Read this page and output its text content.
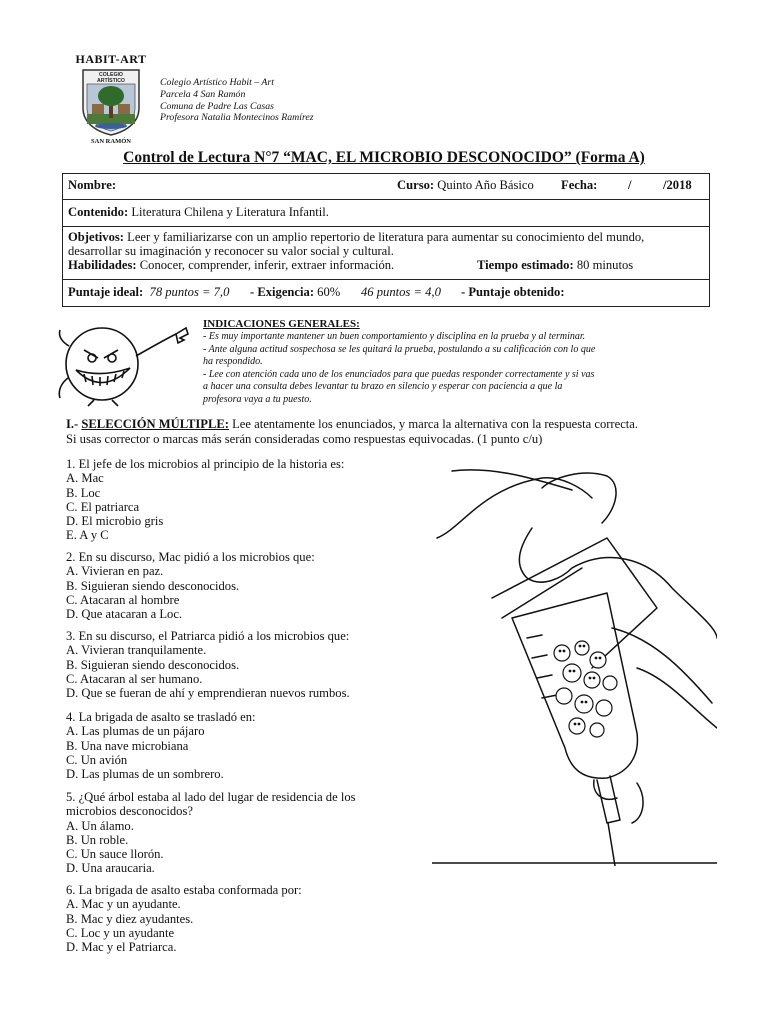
HABIT-ART
COLEGIO
ARTÍSTICO
SAN RAMÓN
Colegio Artístico Habit – Art
Parcela 4 San Ramón
Comuna de Padre Las Casas
Profesora Natalia Montecinos Ramírez
Control de Lectura N°7 “MAC, EL MICROBIO DESCONOCIDO” (Forma A)
Nombre:	Curso: Quinto Año Básico Fecha: /	/2018
Contenido: Literatura Chilena y Literatura Infantil.
Objetivos: Leer y familiarizarse con un amplio repertorio de literatura para aumentar su conocimiento del mundo,
desarrollar su imaginación y reconocer su valor social y cultural.
Habilidades: Conocer, comprender, inferir, extraer información.	Tiempo estimado: 80 minutos
Puntaje ideal: 78 puntos = 7,0 - Exigencia: 60% 46 puntos = 4,0 - Puntaje obtenido:
INDICACIONES GENERALES:
- Es muy importante mantener un buen comportamiento y disciplina en la prueba y al terminar.
- Ante alguna actitud sospechosa se les quitará la prueba, postulando a su calificación con lo que
ha respondido.
- Lee con atención cada uno de los enunciados para que puedas responder correctamente y si vas
a hacer una consulta debes levantar tu brazo en silencio y esperar con paciencia a que la
profesora vaya a tu puesto.
I.- SELECCIÓN MÚLTIPLE: Lee atentamente los enunciados, y marca la alternativa con la respuesta correcta.
Si usas corrector o marcas más serán consideradas como respuestas equivocadas. (1 punto c/u)
1. El jefe de los microbios al principio de la historia es:
A. Mac
B. Loc
C. El patriarca
D. El microbio gris
E. A y C
2. En su discurso, Mac pidió a los microbios que:
A. Vivieran en paz.
B. Siguieran siendo desconocidos.
C. Atacaran al hombre
D. Que atacaran a Loc.
3. En su discurso, el Patriarca pidió a los microbios que:
A. Vivieran tranquilamente.
B. Siguieran siendo desconocidos.
C. Atacaran al ser humano.
D. Que se fueran de ahí y emprendieran nuevos rumbos.
4. La brigada de asalto se trasladó en:
A. Las plumas de un pájaro
B. Una nave microbiana
C. Un avión
D. Las plumas de un sombrero.
5. ¿Qué árbol estaba al lado del lugar de residencia de los
microbios desconocidos?
A. Un álamo.
B. Un roble.
C. Un sauce llorón.
D. Una araucaria.
6. La brigada de asalto estaba conformada por:
A. Mac y un ayudante.
B. Mac y diez ayudantes.
C. Loc y un ayudante
D. Mac y el Patriarca.
